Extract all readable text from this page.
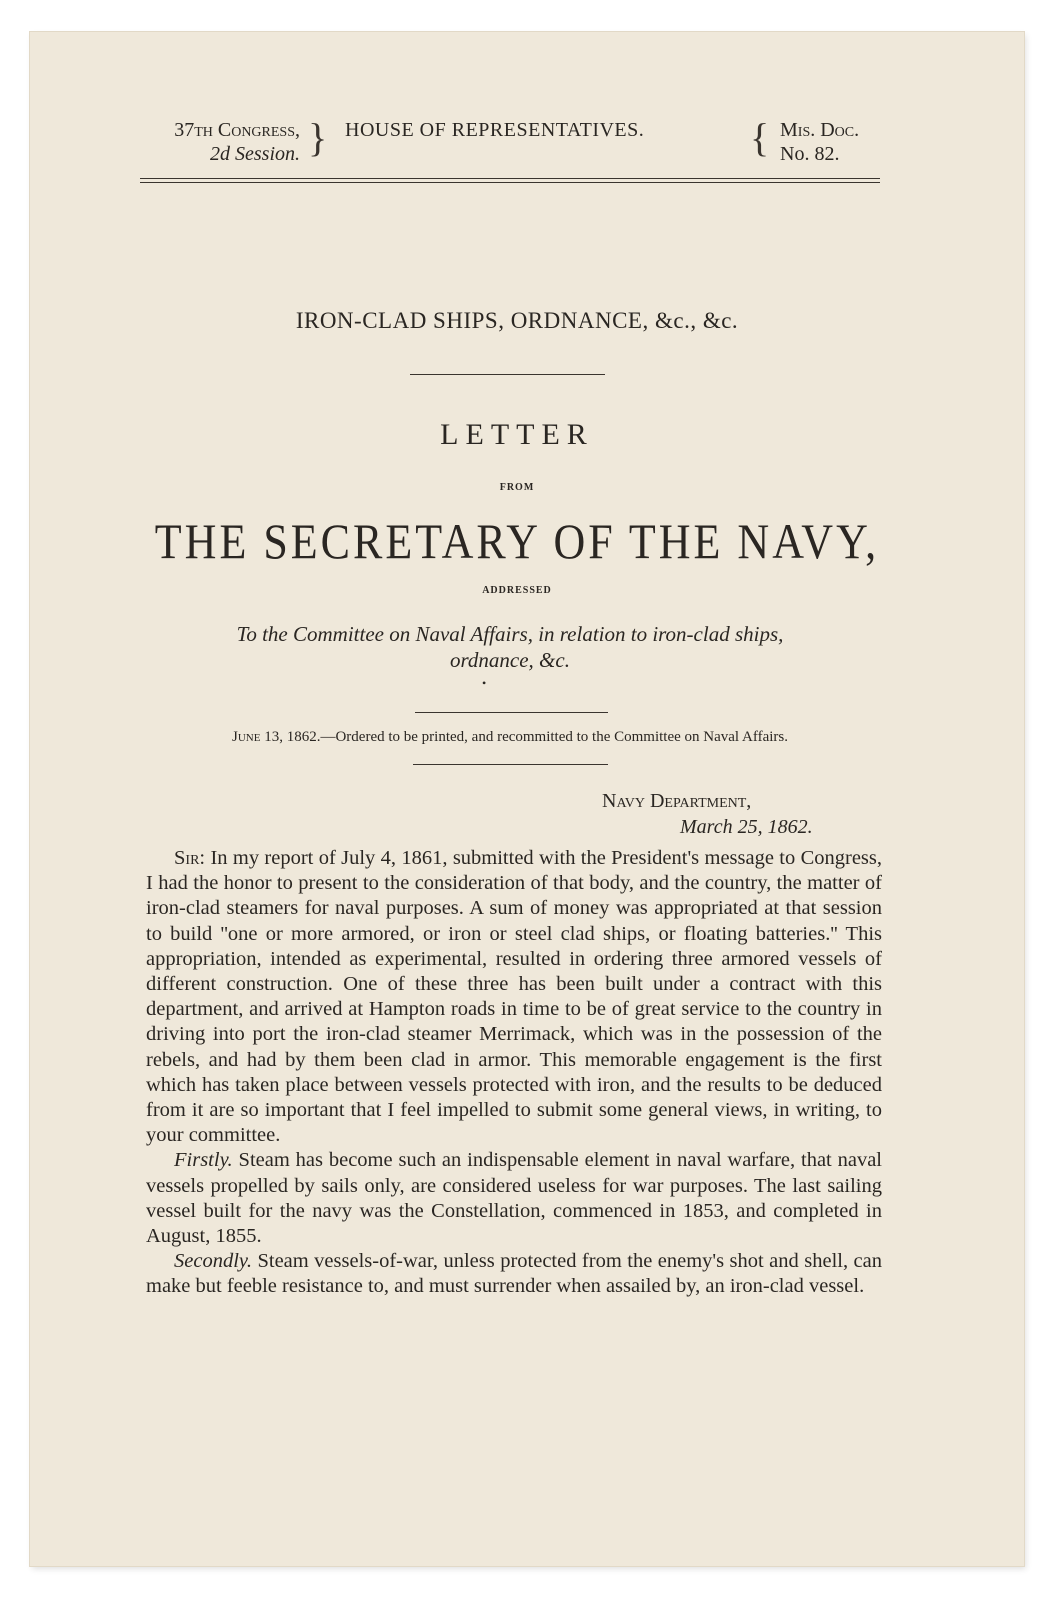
37th Congress,
2d Session. } HOUSE OF REPRESENTATIVES.	{ Mis. Doc.
No. 82.
IRON-CLAD SHIPS, ORDNANCE, &c., &c.
LETTER
FROM
THE SECRETARY OF THE NAVY,
ADDRESSED
To the Committee on Naval Affairs, in relation to iron-clad ships,
ordnance, &c.
•
June 13, 1862.—Ordered to be printed, and recommitted to the Committee on Naval Affairs.
Navy Department,
March 25, 1862.

Sir: In my report of July 4, 1861, submitted with the President's message to Congress, I had the honor to present to the consideration of that body, and the country, the matter of iron-clad steamers for naval purposes. A sum of money was appropriated at that session to build ''one or more armored, or iron or steel clad ships, or floating batteries.'' This appropriation, intended as experimental, resulted in ordering three armored vessels of different construction. One of these three has been built under a contract with this department, and arrived at Hampton roads in time to be of great service to the country in driving into port the iron-clad steamer Merrimack, which was in the possession of the rebels, and had by them been clad in armor. This memorable engagement is the first which has taken place between vessels protected with iron, and the results to be deduced from it are so important that I feel impelled to submit some general views, in writing, to your committee.

Firstly. Steam has become such an indispensable element in naval warfare, that naval vessels propelled by sails only, are considered useless for war purposes. The last sailing vessel built for the navy was the Constellation, commenced in 1853, and completed in August, 1855.

Secondly. Steam vessels-of-war, unless protected from the enemy's shot and shell, can make but feeble resistance to, and must surrender when assailed by, an iron-clad vessel.
